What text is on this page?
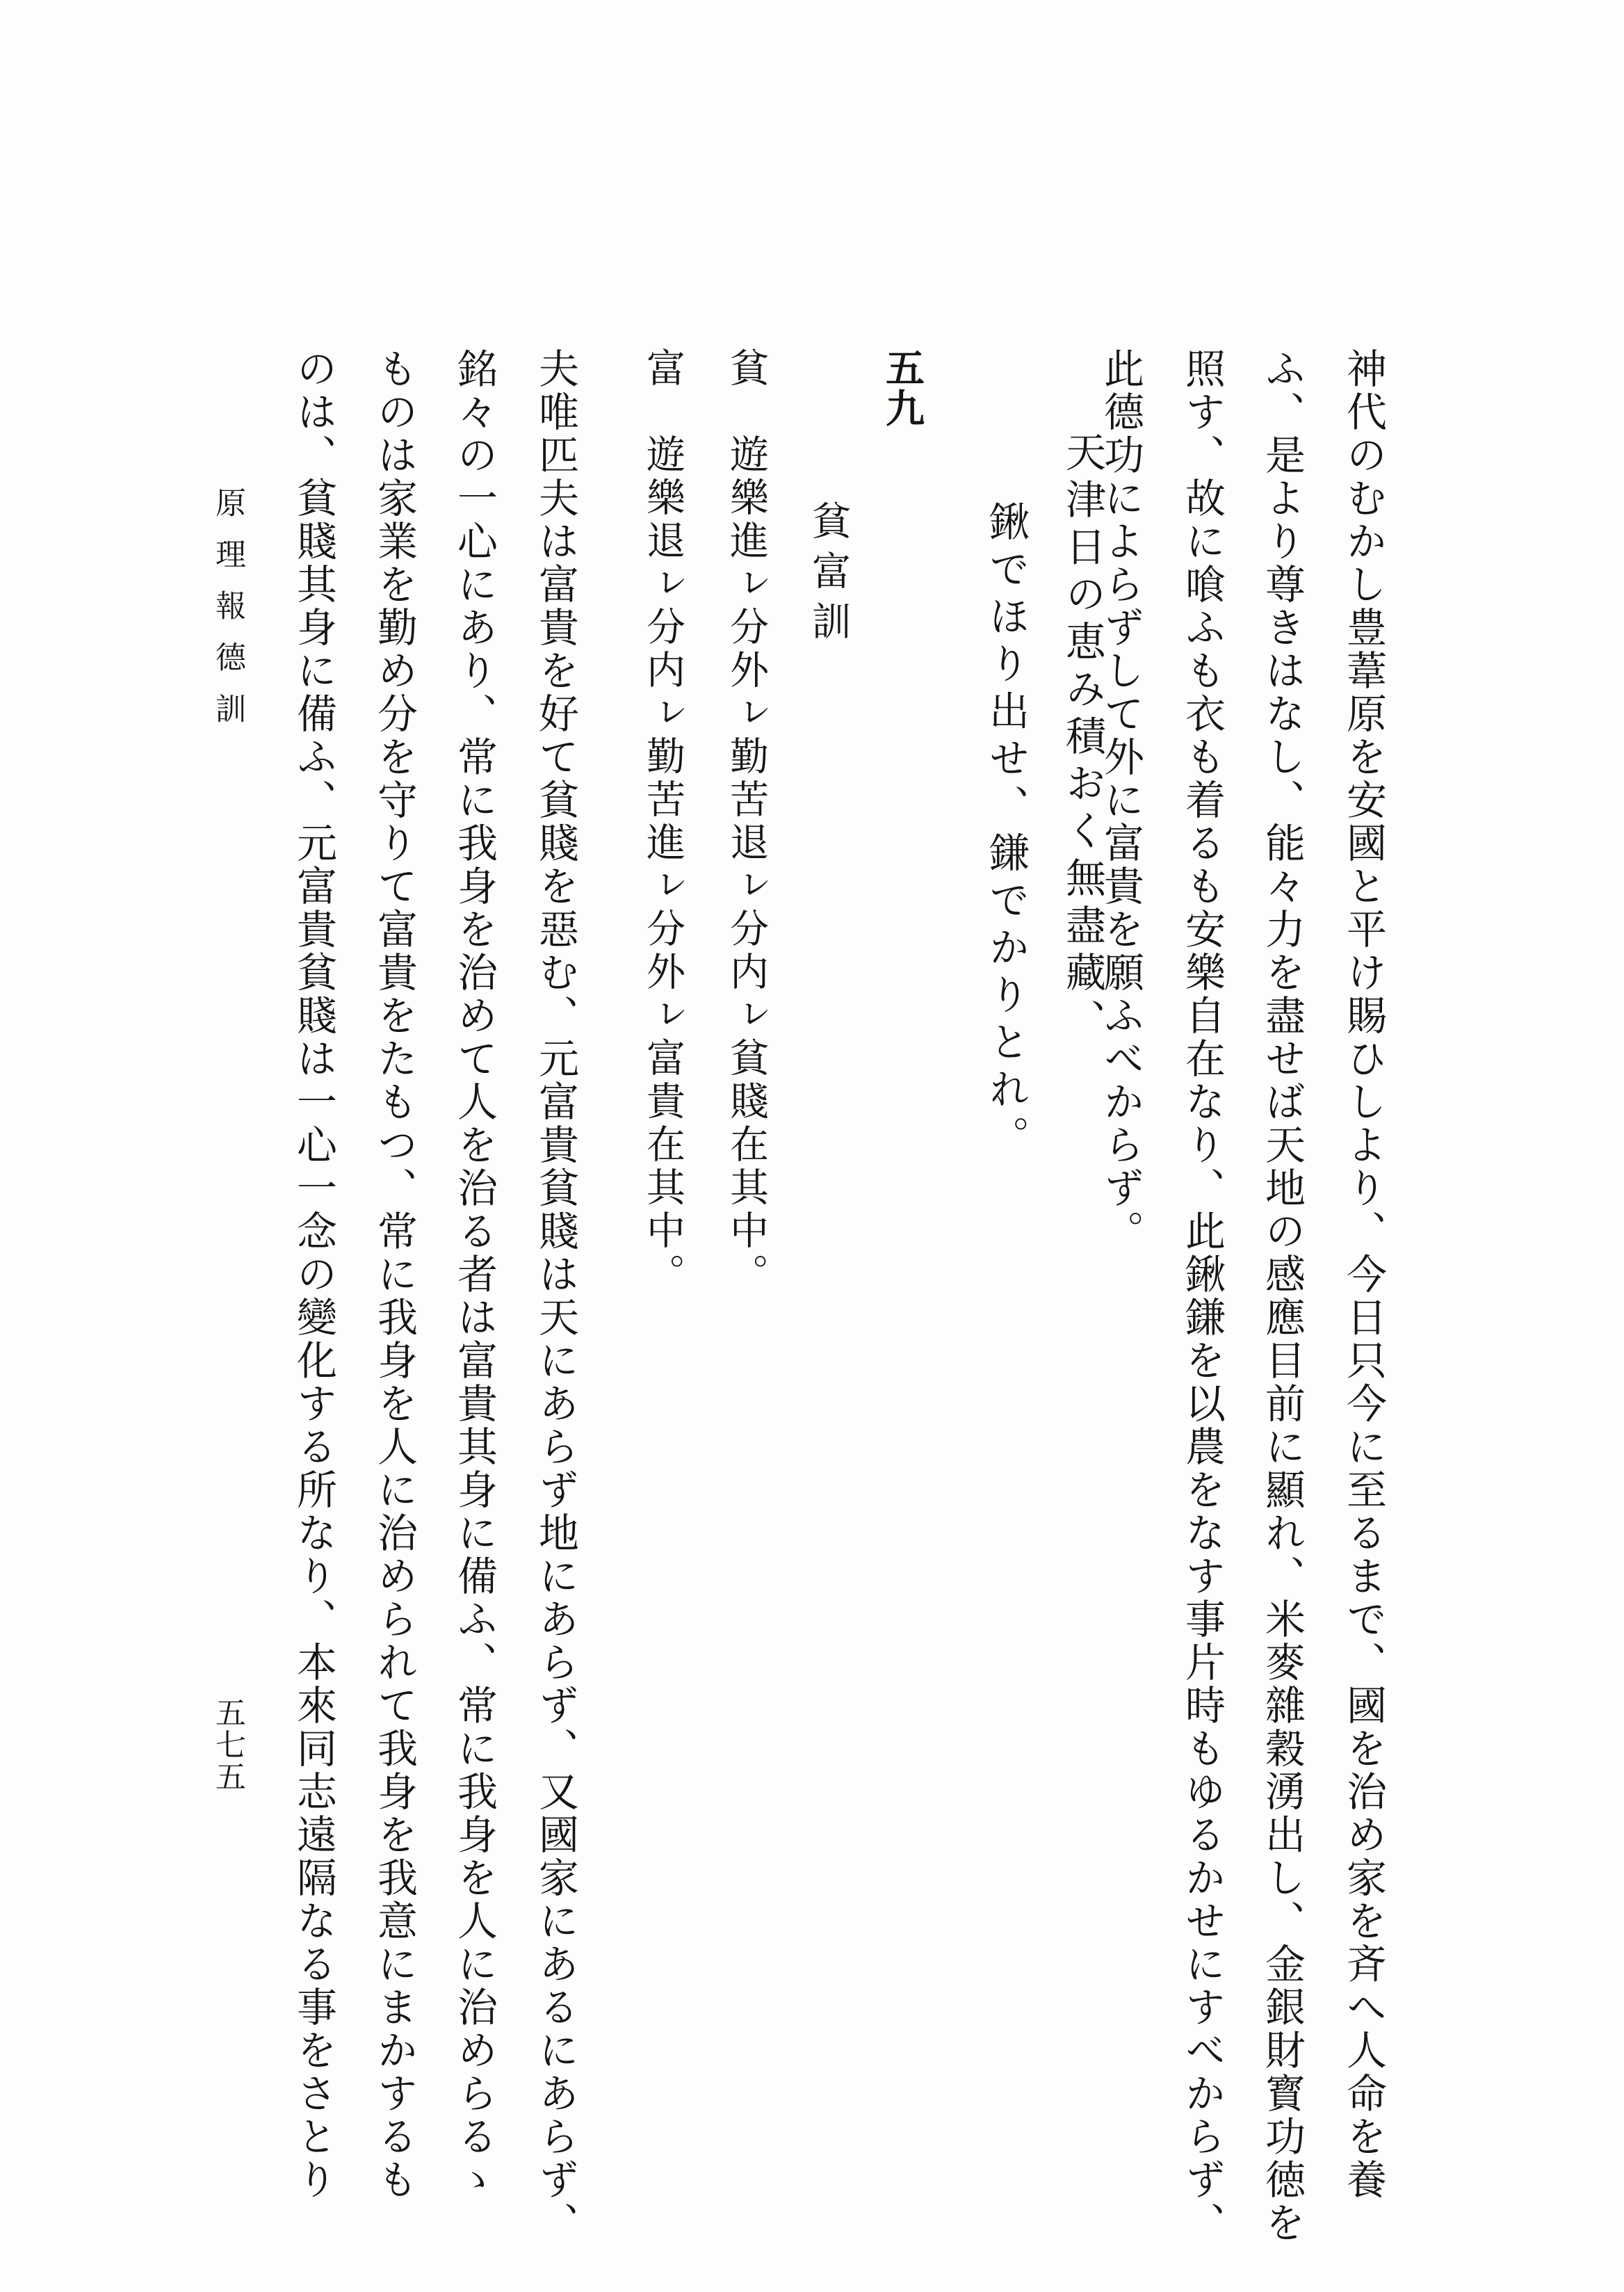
神代のむかし豊葦原を安國と平け賜ひしより、今日只今に至るまで、國を治め家を斉へ人命を養
ふ、是より尊きはなし、能々力を盡せば天地の感應目前に顯れ、米麥雜穀湧出し、金銀財寳功徳を
照す、故に喰ふも衣も着るも安樂自在なり、此鍬鎌を以農をなす事片時もゆるかせにすべからず、
此德功によらずして外に富貴を願ふべからず。
天津日の恵み積おく無盡藏、
鍬でほり出せ、鎌でかりとれ。
五九
貧富訓
貧　遊樂進ㇾ分外ㇾ勤苦退ㇾ分内ㇾ貧賤在其中。
富　遊樂退ㇾ分内ㇾ勤苦進ㇾ分外ㇾ富貴在其中。
夫唯匹夫は富貴を好て貧賤を惡む、元富貴貧賤は天にあらず地にあらず、又國家にあるにあらず、
銘々の一心にあり、常に我身を治めて人を治る者は富貴其身に備ふ、常に我身を人に治めらるゝ
ものは家業を勤め分を守りて富貴をたもつ、常に我身を人に治められて我身を我意にまかするも
のは、貧賤其身に備ふ、元富貴貧賤は一心一念の變化する所なり、本來同志遠隔なる事をさとり
原理報德訓
五七五
